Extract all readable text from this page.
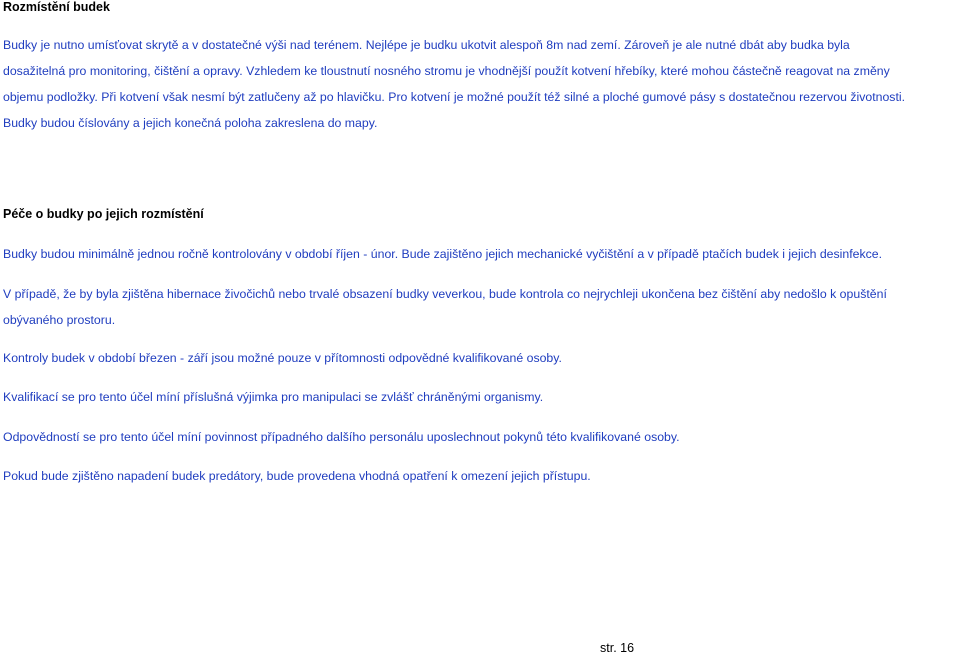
Rozmístění budek
Budky je nutno umísťovat skrytě a v dostatečné výši nad terénem. Nejlépe je budku ukotvit alespoň 8m nad zemí. Zároveň je ale nutné dbát aby budka byla
dosažitelná pro monitoring, čištění a opravy. Vzhledem ke tloustnutí nosného stromu je vhodnější použít kotvení hřebíky, které mohou částečně reagovat na změny
objemu podložky. Při kotvení však nesmí být zatlučeny až po hlavičku. Pro kotvení je možné použít též silné a ploché gumové pásy s dostatečnou rezervou životnosti.
Budky budou číslovány a jejich konečná poloha zakreslena do mapy.
Péče o budky po jejich rozmístění
Budky budou minimálně jednou ročně kontrolovány v období říjen - únor. Bude zajištěno jejich mechanické vyčištění a v případě ptačích budek i jejich desinfekce.
V případě, že by byla zjištěna hibernace živočichů nebo trvalé obsazení budky veverkou, bude kontrola co nejrychleji ukončena bez čištění aby nedošlo k opuštění
obývaného prostoru.
Kontroly budek v období březen - září jsou možné pouze v přítomnosti odpovědné kvalifikované osoby.
Kvalifikací se pro tento účel míní příslušná výjimka pro manipulaci se zvlášť chráněnými organismy.
Odpovědností se pro tento účel míní povinnost případného dalšího personálu uposlechnout pokynů této kvalifikované osoby.
Pokud bude zjištěno napadení budek predátory, bude provedena vhodná opatření k omezení jejich přístupu.
str. 16
